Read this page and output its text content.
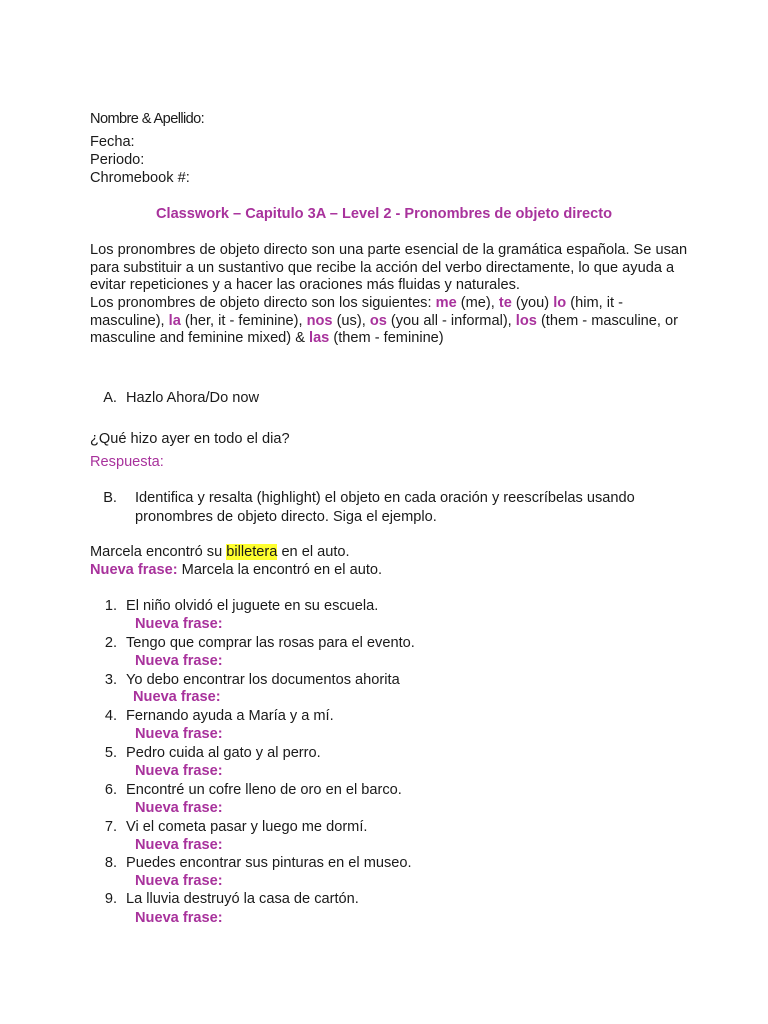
Nombre & Apellido:
Fecha:
Periodo:
Chromebook #:
Classwork – Capitulo 3A – Level 2 - Pronombres de objeto directo

Los pronombres de objeto directo son una parte esencial de la gramática española. Se usan para substituir a un sustantivo que recibe la acción del verbo directamente, lo que ayuda a evitar repeticiones y a hacer las oraciones más fluidas y naturales.

Los pronombres de objeto directo son los siguientes: me (me), te (you) lo (him, it - masculine), la (her, it - feminine), nos (us), os (you all - informal), los (them - masculine, or masculine and feminine mixed) & las (them - feminine)

A. Hazlo Ahora/Do now
¿Qué hizo ayer en todo el dia?
Respuesta:
B.	Identifica y resalta (highlight) el objeto en cada oración y reescríbelas usando pronombres de objeto directo. Siga el ejemplo.
Marcela encontró su billetera en el auto.
Nueva frase: Marcela la encontró en el auto.
1. El niño olvidó el juguete en su escuela.
Nueva frase:
2. Tengo que comprar las rosas para el evento.
Nueva frase:
3. Yo debo encontrar los documentos ahorita
Nueva frase:
4. Fernando ayuda a María y a mí.
Nueva frase:
5. Pedro cuida al gato y al perro.
Nueva frase:
6. Encontré un cofre lleno de oro en el barco.
Nueva frase:
7. Vi el cometa pasar y luego me dormí.
Nueva frase:
8. Puedes encontrar sus pinturas en el museo.
Nueva frase:
9. La lluvia destruyó la casa de cartón.
Nueva frase:
